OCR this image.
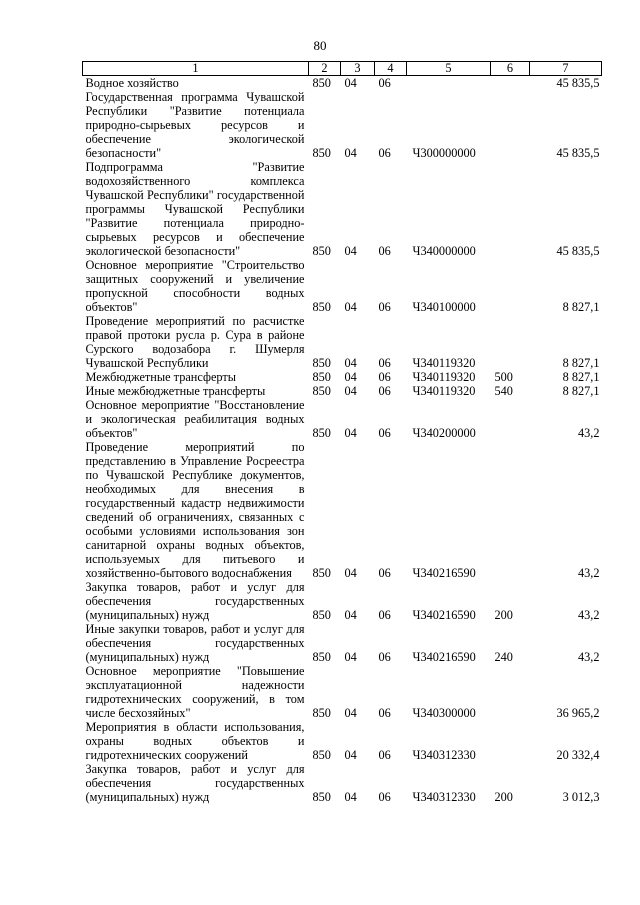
80
1	2	3	4	5	6	7
Водное хозяйство	850	04	06			45 835,5
Государственная программа Чувашской Республики "Развитие потенциала природно-сырьевых ресурсов и обеспечение экологической безопасности"	850	04	06	Ч300000000		45 835,5
Подпрограмма "Развитие водохозяйственного комплекса Чувашской Республики" государственной программы Чувашской Республики "Развитие потенциала природно-сырьевых ресурсов и обеспечение экологической безопасности"	850	04	06	Ч340000000		45 835,5
Основное мероприятие "Строительство защитных сооружений и увеличение пропускной способности водных объектов"	850	04	06	Ч340100000		8 827,1
Проведение мероприятий по расчистке правой протоки русла р. Сура в районе Сурского водозабора г. Шумерля Чувашской Республики	850	04	06	Ч340119320		8 827,1
Межбюджетные трансферты	850	04	06	Ч340119320	500	8 827,1
Иные межбюджетные трансферты	850	04	06	Ч340119320	540	8 827,1
Основное мероприятие "Восстановление и экологическая реабилитация водных объектов"	850	04	06	Ч340200000		43,2
Проведение мероприятий по представлению в Управление Росреестра по Чувашской Республике документов, необходимых для внесения в государственный кадастр недвижимости сведений об ограничениях, связанных с особыми условиями использования зон санитарной охраны водных объектов, используемых для питьевого и хозяйственно-бытового водоснабжения	850	04	06	Ч340216590		43,2
Закупка товаров, работ и услуг для обеспечения государственных (муниципальных) нужд	850	04	06	Ч340216590	200	43,2
Иные закупки товаров, работ и услуг для обеспечения государственных (муниципальных) нужд	850	04	06	Ч340216590	240	43,2
Основное мероприятие "Повышение эксплуатационной надежности гидротехнических сооружений, в том числе бесхозяйных"	850	04	06	Ч340300000		36 965,2
Мероприятия в области использования, охраны водных объектов и гидротехнических сооружений	850	04	06	Ч340312330		20 332,4
Закупка товаров, работ и услуг для обеспечения государственных (муниципальных) нужд	850	04	06	Ч340312330	200	3 012,3
